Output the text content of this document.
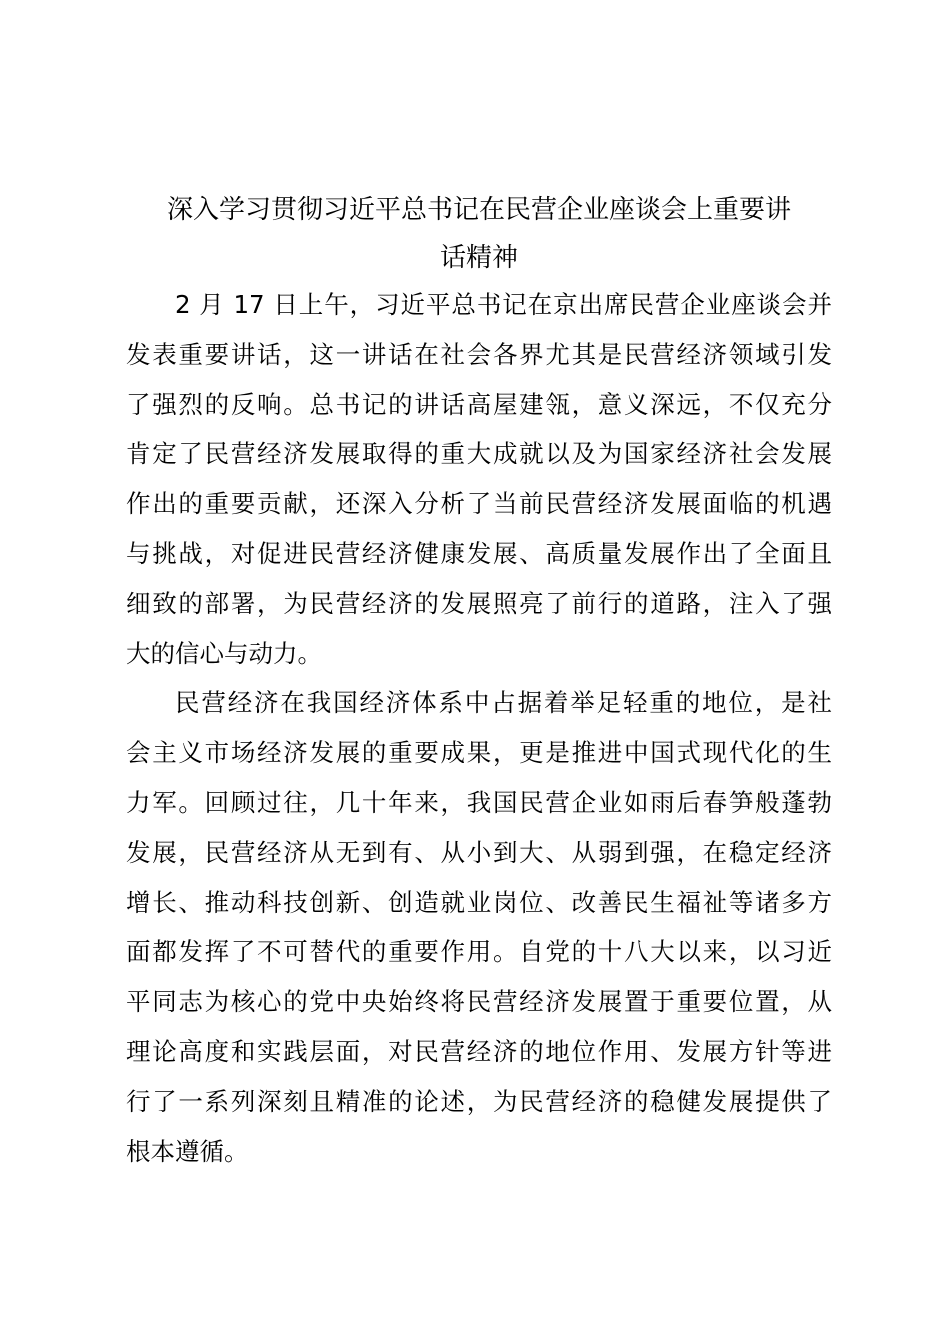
深入学习贯彻习近平总书记在民营企业座谈会上重要讲
话精神

2 月 17 日上午，习近平总书记在京出席民营企业座谈会并
发表重要讲话，这一讲话在社会各界尤其是民营经济领域引发
了强烈的反响。总书记的讲话高屋建瓴，意义深远，不仅充分
肯定了民营经济发展取得的重大成就以及为国家经济社会发展
作出的重要贡献，还深入分析了当前民营经济发展面临的机遇
与挑战，对促进民营经济健康发展、高质量发展作出了全面且
细致的部署，为民营经济的发展照亮了前行的道路，注入了强
大的信心与动力。

民营经济在我国经济体系中占据着举足轻重的地位，是社
会主义市场经济发展的重要成果，更是推进中国式现代化的生
力军。回顾过往，几十年来，我国民营企业如雨后春笋般蓬勃
发展，民营经济从无到有、从小到大、从弱到强，在稳定经济
增长、推动科技创新、创造就业岗位、改善民生福祉等诸多方
面都发挥了不可替代的重要作用。自党的十八大以来，以习近
平同志为核心的党中央始终将民营经济发展置于重要位置，从
理论高度和实践层面，对民营经济的地位作用、发展方针等进
行了一系列深刻且精准的论述，为民营经济的稳健发展提供了
根本遵循。
